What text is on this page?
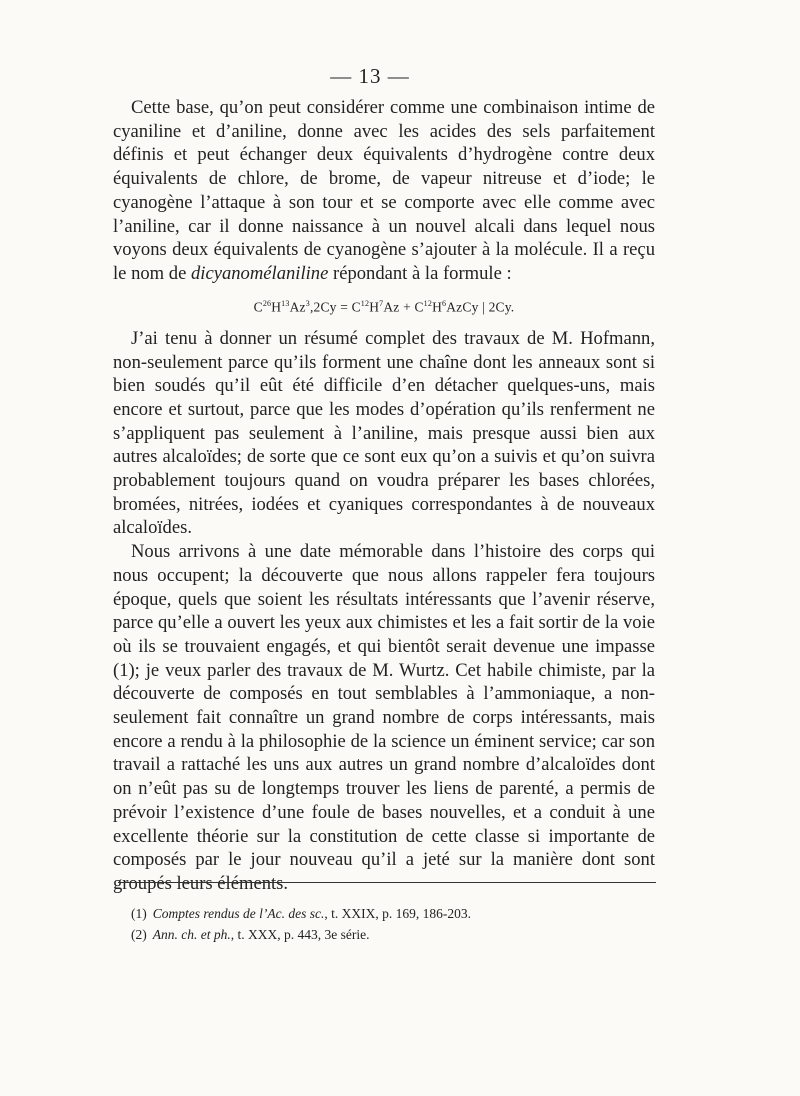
— 13 —

Cette base, qu’on peut considérer comme une combinaison intime de cyaniline et d’aniline, donne avec les acides des sels parfaitement définis et peut échanger deux équivalents d’hydrogène contre deux équivalents de chlore, de brome, de vapeur nitreuse et d’iode; le cyanogène l’attaque à son tour et se comporte avec elle comme avec l’aniline, car il donne naissance à un nouvel alcali dans lequel nous voyons deux équivalents de cyanogène s’ajouter à la molécule. Il a reçu le nom de dicyanomélaniline répondant à la formule :

$C^{26}H^{13}Az^3,2Cy = C^{12}H^7Az$ + $C^{12}H^6AzCy$ | 2Cy.

J’ai tenu à donner un résumé complet des travaux de M. Hofmann, non-seulement parce qu’ils forment une chaîne dont les anneaux sont si bien soudés qu’il eût été difficile d’en détacher quelques-uns, mais encore et surtout, parce que les modes d’opération qu’ils renferment ne s’appliquent pas seulement à l’aniline, mais presque aussi bien aux autres alcaloïdes; de sorte que ce sont eux qu’on a suivis et qu’on suivra probablement toujours quand on voudra préparer les bases chlorées, bromées, nitrées, iodées et cyaniques correspondantes à de nouveaux alcaloïdes.

Nous arrivons à une date mémorable dans l’histoire des corps qui nous occupent; la découverte que nous allons rappeler fera toujours époque, quels que soient les résultats intéressants que l’avenir réserve, parce qu’elle a ouvert les yeux aux chimistes et les a fait sortir de la voie où ils se trouvaient engagés, et qui bientôt serait devenue une impasse (1); je veux parler des travaux de M. Wurtz. Cet habile chimiste, par la découverte de composés en tout semblables à l’ammoniaque, a non-seulement fait connaître un grand nombre de corps intéressants, mais encore a rendu à la philosophie de la science un éminent service; car son travail a rattaché les uns aux autres un grand nombre d’alcaloïdes dont on n’eût pas su de longtemps trouver les liens de parenté, a permis de prévoir l’existence d’une foule de bases nouvelles, et a conduit à une excellente théorie sur la constitution de cette classe si importante de composés par le jour nouveau qu’il a jeté sur la manière dont sont groupés leurs éléments.

(1) Comptes rendus de l’Ac. des sc., t. XXIX, p. 169, 186-203.
(2) Ann. ch. et ph., t. XXX, p. 443, 3e série.
